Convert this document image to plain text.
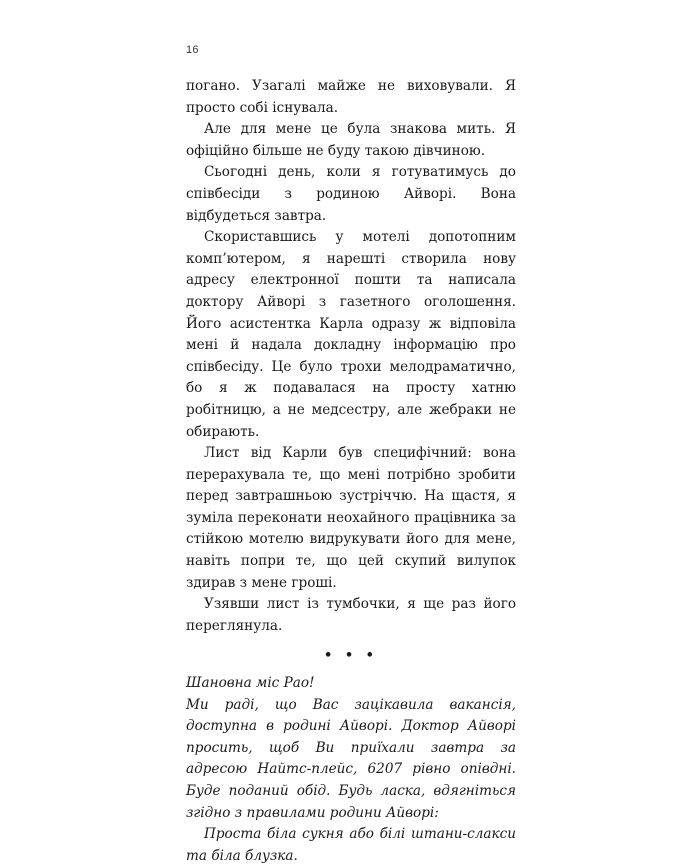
16

погано. Узагалі майже не виховували. Я просто собі існувала.

Але для мене це була знакова мить. Я офіційно більше не буду такою дівчиною.

Сьогодні день, коли я готуватимусь до співбесіди з родиною Айворі. Вона відбудеться завтра.

Скориставшись у мотелі допотопним комп’ютером, я нарешті створила нову адресу електронної пошти та написала доктору Айворі з газетного оголошення. Його асистентка Карла одразу ж відповіла мені й надала докладну інформацію про співбесіду. Це було трохи мелодраматично, бо я ж подавалася на просту хатню робітницю, а не медсестру, але жебраки не обирають.

Лист від Карли був специфічний: вона перерахувала те, що мені потрібно зробити перед завтрашньою зустріччю. На щастя, я зуміла переконати неохайного працівника за стійкою мотелю видрукувати його для мене, навіть попри те, що цей скупий вилупок здирав з мене гроші.

Узявши лист із тумбочки, я ще раз його переглянула.

• • •

Шановна міс Рао!

Ми раді, що Вас зацікавила вакансія, доступна в родині Айворі. Доктор Айворі просить, щоб Ви приїхали завтра за адресою Найтс-плейс, 6207 рівно опівдні. Буде поданий обід. Будь ласка, вдягніться згідно з правилами родини Айворі:

Проста біла сукня або білі штани-слакси та біла блузка.
